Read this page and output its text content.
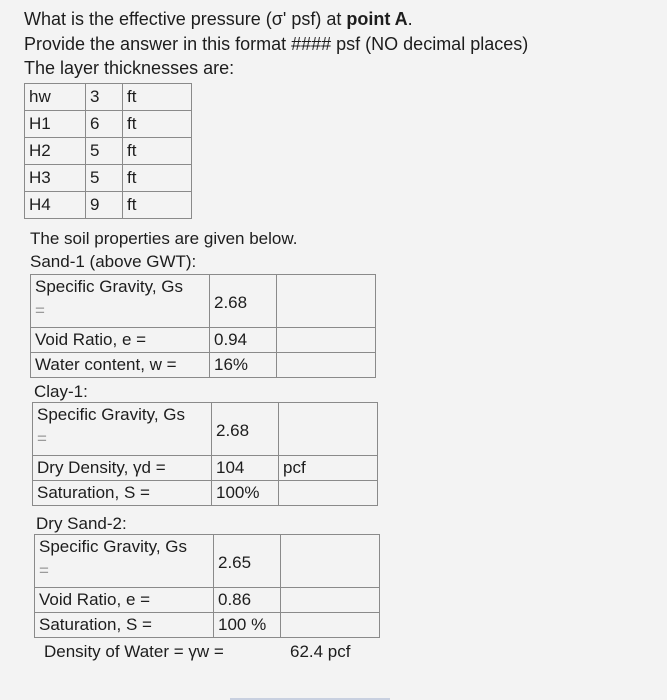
What is the effective pressure (σ' psf) at point A.
Provide the answer in this format #### psf (NO decimal places)
The layer thicknesses are:
hw	3	ft
H1	6	ft
H2	5	ft
H3	5	ft
H4	9	ft
The soil properties are given below.
Sand-1 (above GWT):
Specific Gravity, Gs
=	2.68	
Void Ratio, e =	0.94	
Water content, w =	16%	
Clay-1:
Specific Gravity, Gs
=	2.68	
Dry Density, γd =	104	pcf
Saturation, S =	100%	
Dry Sand-2:
Specific Gravity, Gs
=	2.65	
Void Ratio, e =	0.86	
Saturation, S =	100 %	
Density of Water = γw =	62.4 pcf
